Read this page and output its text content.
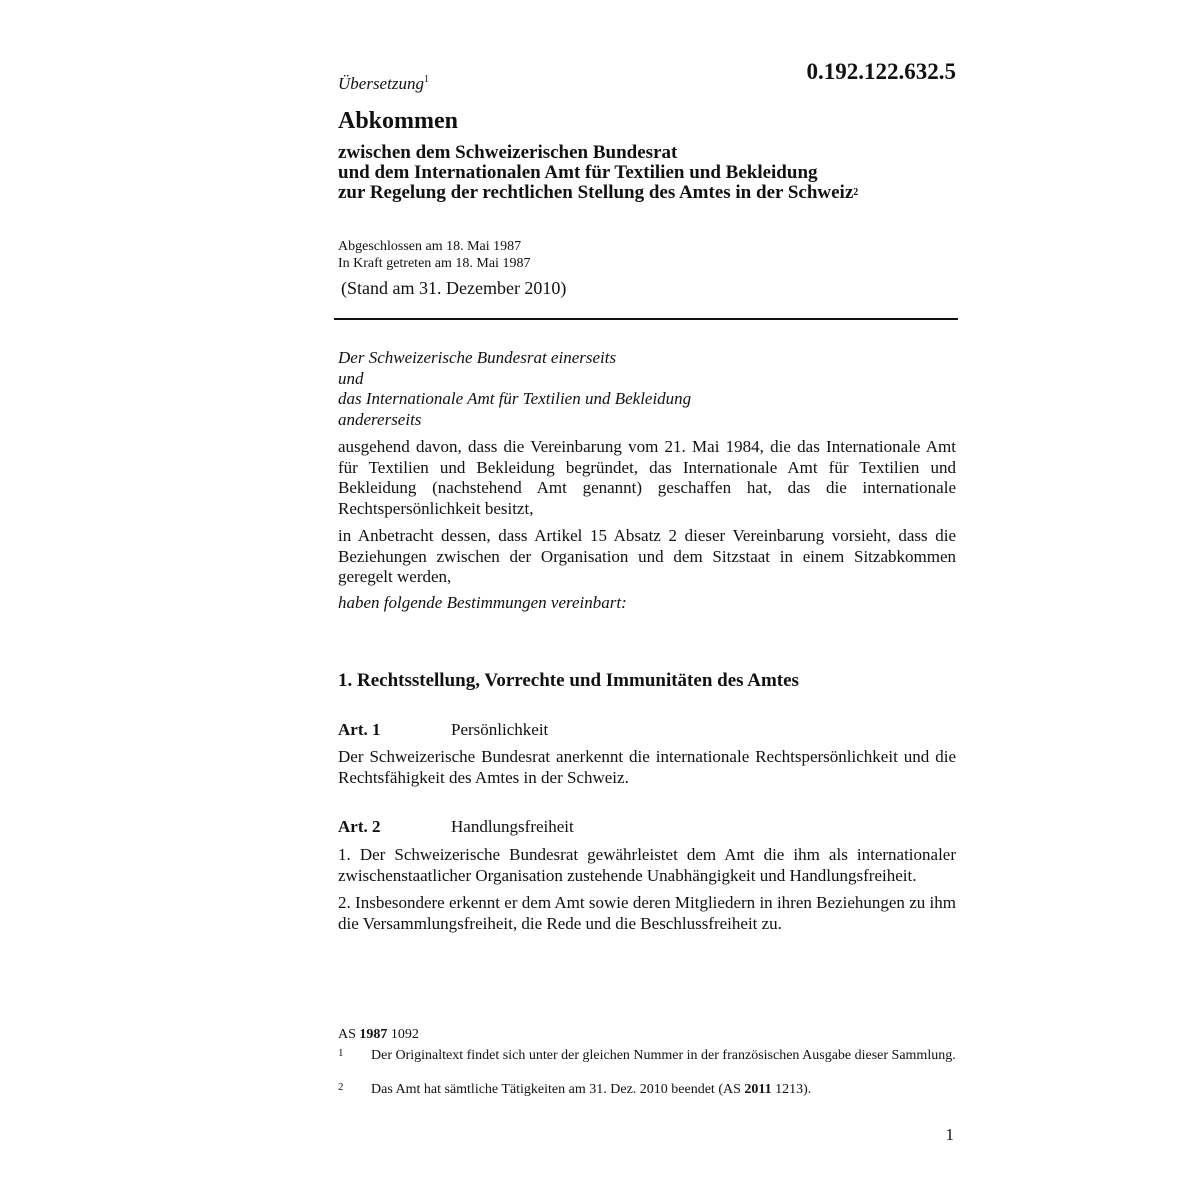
Übersetzung$^1$	0.192.122.632.5
Abkommen
zwischen dem Schweizerischen Bundesrat
und dem Internationalen Amt für Textilien und Bekleidung
zur Regelung der rechtlichen Stellung des Amtes in der Schweiz$^2$
Abgeschlossen am 18. Mai 1987
In Kraft getreten am 18. Mai 1987
(Stand am 31. Dezember 2010)
Der Schweizerische Bundesrat einerseits
und
das Internationale Amt für Textilien und Bekleidung
andererseits
ausgehend davon, dass die Vereinbarung vom 21. Mai 1984, die das Internationale Amt für Textilien und Bekleidung begründet, das Internationale Amt für Textilien und Bekleidung (nachstehend Amt genannt) geschaffen hat, das die internationale Rechtspersönlichkeit besitzt,
in Anbetracht dessen, dass Artikel 15 Absatz 2 dieser Vereinbarung vorsieht, dass die Beziehungen zwischen der Organisation und dem Sitzstaat in einem Sitzabkommen geregelt werden,
haben folgende Bestimmungen vereinbart:
1. Rechtsstellung, Vorrechte und Immunitäten des Amtes
Art. 1	Persönlichkeit
Der Schweizerische Bundesrat anerkennt die internationale Rechtspersönlichkeit und die Rechtsfähigkeit des Amtes in der Schweiz.
Art. 2	Handlungsfreiheit
1. Der Schweizerische Bundesrat gewährleistet dem Amt die ihm als internationaler zwischenstaatlicher Organisation zustehende Unabhängigkeit und Handlungsfreiheit.
2. Insbesondere erkennt er dem Amt sowie deren Mitgliedern in ihren Beziehungen zu ihm die Versammlungsfreiheit, die Rede und die Beschlussfreiheit zu.
AS 1987 1092
1 Der Originaltext findet sich unter der gleichen Nummer in der französischen Ausgabe dieser Sammlung.
2 Das Amt hat sämtliche Tätigkeiten am 31. Dez. 2010 beendet (AS 2011 1213).
1
